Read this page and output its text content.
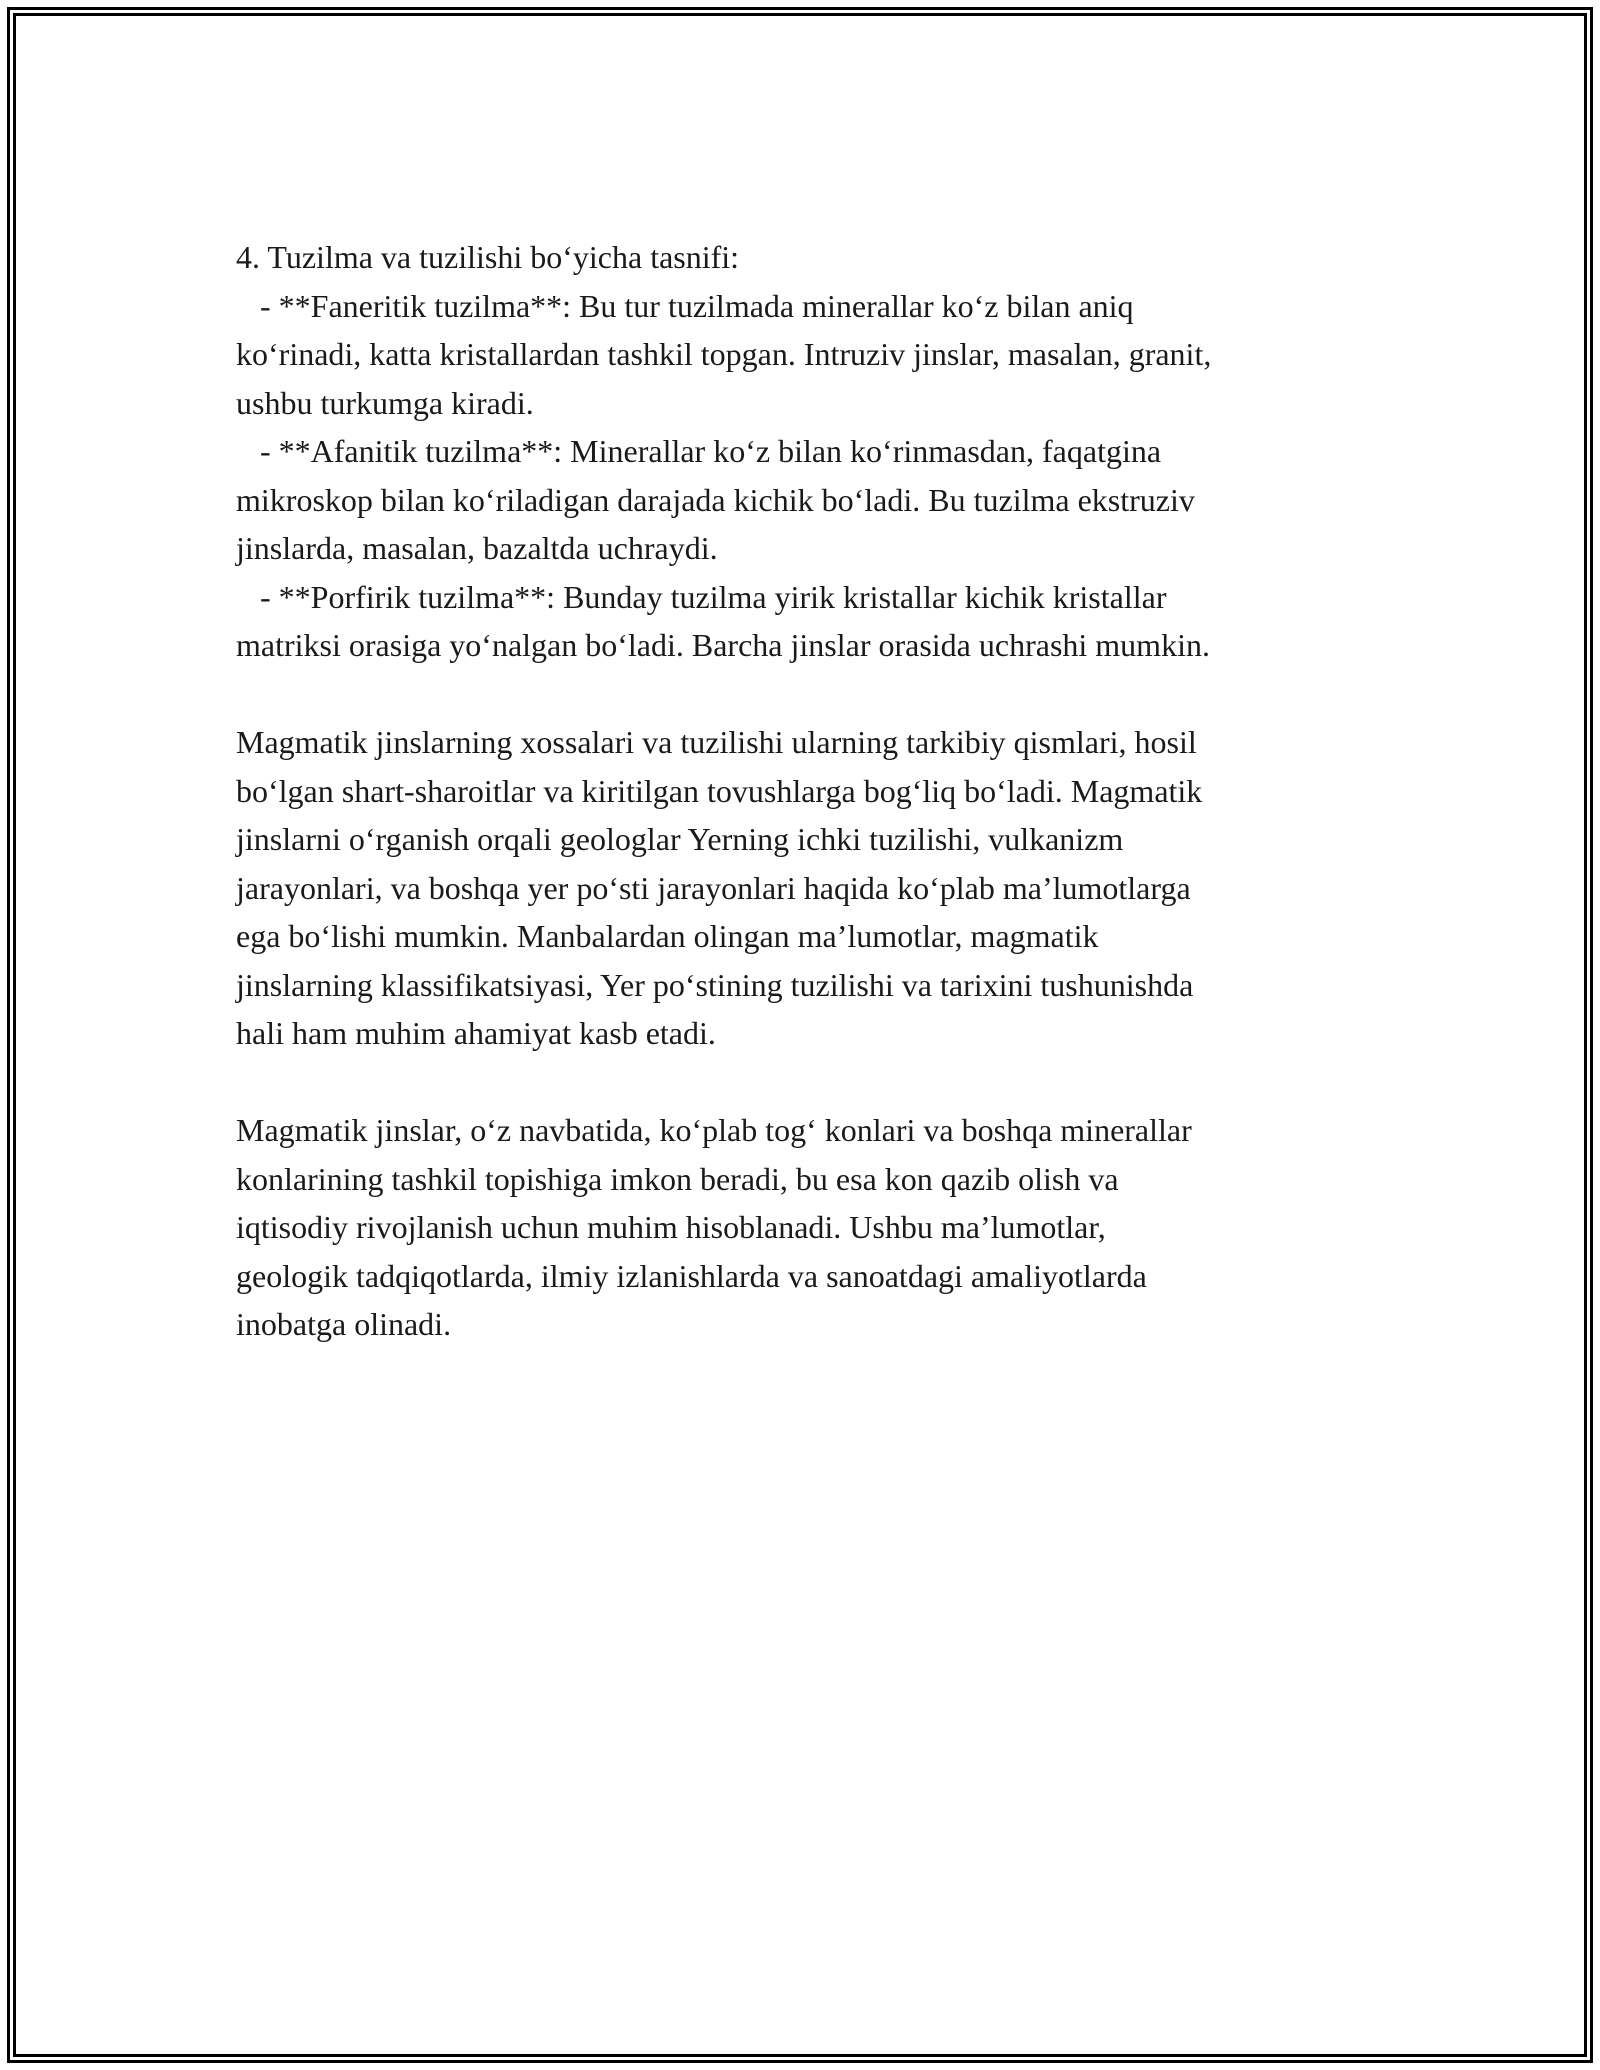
4. Tuzilma va tuzilishi bo‘yicha tasnifi:

- **Faneritik tuzilma**: Bu tur tuzilmada minerallar ko‘z bilan aniq

ko‘rinadi, katta kristallardan tashkil topgan. Intruziv jinslar, masalan, granit,

ushbu turkumga kiradi.

- **Afanitik tuzilma**: Minerallar ko‘z bilan ko‘rinmasdan, faqatgina

mikroskop bilan ko‘riladigan darajada kichik bo‘ladi. Bu tuzilma ekstruziv

jinslarda, masalan, bazaltda uchraydi.

- **Porfirik tuzilma**: Bunday tuzilma yirik kristallar kichik kristallar

matriksi orasiga yo‘nalgan bo‘ladi. Barcha jinslar orasida uchrashi mumkin.

Magmatik jinslarning xossalari va tuzilishi ularning tarkibiy qismlari, hosil

bo‘lgan shart-sharoitlar va kiritilgan tovushlarga bog‘liq bo‘ladi. Magmatik

jinslarni o‘rganish orqali geologlar Yerning ichki tuzilishi, vulkanizm

jarayonlari, va boshqa yer po‘sti jarayonlari haqida ko‘plab ma’lumotlarga

ega bo‘lishi mumkin. Manbalardan olingan ma’lumotlar, magmatik

jinslarning klassifikatsiyasi, Yer po‘stining tuzilishi va tarixini tushunishda

hali ham muhim ahamiyat kasb etadi.

Magmatik jinslar, o‘z navbatida, ko‘plab tog‘ konlari va boshqa minerallar

konlarining tashkil topishiga imkon beradi, bu esa kon qazib olish va

iqtisodiy rivojlanish uchun muhim hisoblanadi. Ushbu ma’lumotlar,

geologik tadqiqotlarda, ilmiy izlanishlarda va sanoatdagi amaliyotlarda

inobatga olinadi.
